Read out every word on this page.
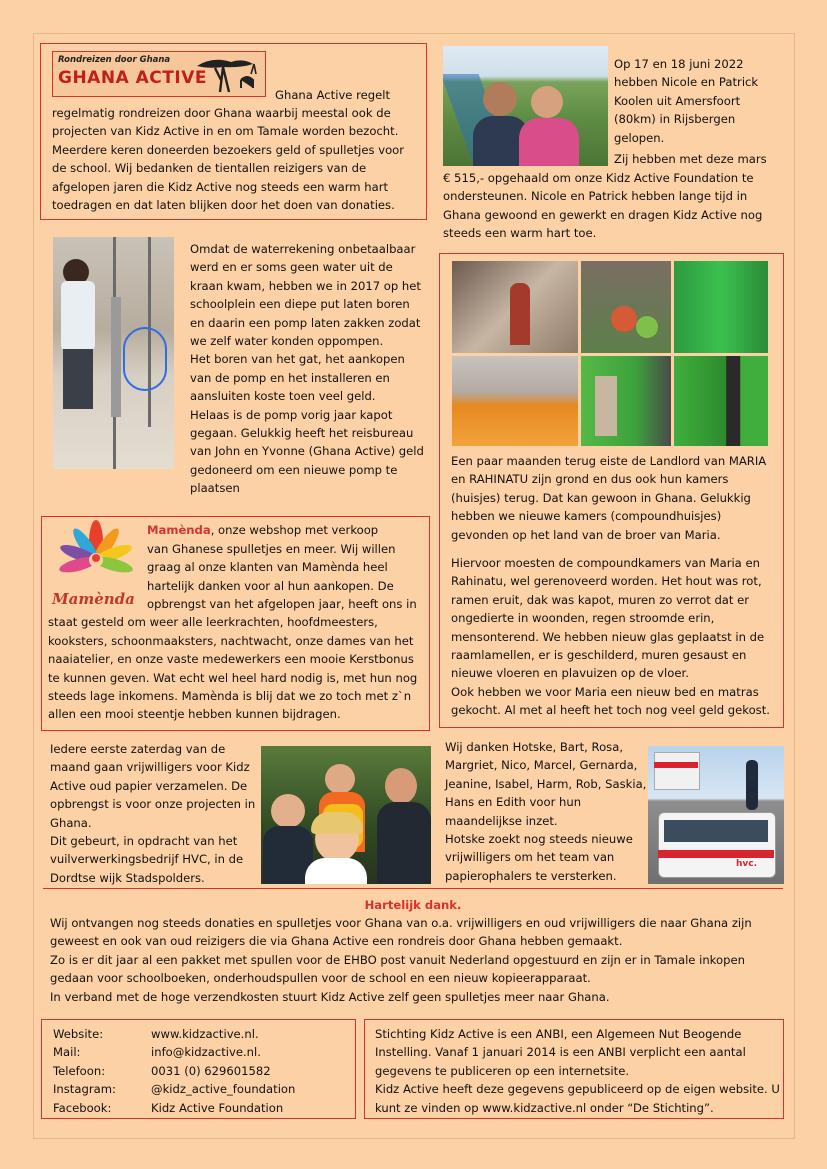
Rondreizen door Ghana
GHANA ACTIVE

Ghana Active regelt

regelmatig rondreizen door Ghana waarbij meestal ook de projecten van Kidz Active in en om Tamale worden bezocht. Meerdere keren doneerden bezoekers geld of spulletjes voor de school. Wij bedanken de tientallen reizigers van de afgelopen jaren die Kidz Active nog steeds een warm hart toedragen en dat laten blijken door het doen van donaties.

Op 17 en 18 juni 2022 hebben Nicole en Patrick Koolen uit Amersfoort (80km) in Rijsbergen gelopen.

Zij hebben met deze mars

€ 515,- opgehaald om onze Kidz Active Foundation te ondersteunen. Nicole en Patrick hebben lange tijd in Ghana gewoond en gewerkt en dragen Kidz Active nog steeds een warm hart toe.

Omdat de waterrekening onbetaalbaar werd en er soms geen water uit de kraan kwam, hebben we in 2017 op het schoolplein een diepe put laten boren en daarin een pomp laten zakken zodat we zelf water konden oppompen.

Het boren van het gat, het aankopen van de pomp en het installeren en aansluiten koste toen veel geld.

Helaas is de pomp vorig jaar kapot gegaan. Gelukkig heeft het reisbureau van John en Yvonne (Ghana Active) geld gedoneerd om een nieuwe pomp te plaatsen

Een paar maanden terug eiste de Landlord van MARIA en RAHINATU zijn grond en dus ook hun kamers (huisjes) terug. Dat kan gewoon in Ghana. Gelukkig hebben we nieuwe kamers (compoundhuisjes) gevonden op het land van de broer van Maria.

Hiervoor moesten de compoundkamers van Maria en Rahinatu, wel gerenoveerd worden. Het hout was rot, ramen eruit, dak was kapot, muren zo verrot dat er ongedierte in woonden, regen stroomde erin, mensonterend. We hebben nieuw glas geplaatst in de raamlamellen, er is geschilderd, muren gesaust en nieuwe vloeren en plavuizen op de vloer.

Ook hebben we voor Maria een nieuw bed en matras gekocht. Al met al heeft het toch nog veel geld gekost.

Mamènda

Mamènda, onze webshop met verkoop

van Ghanese spulletjes en meer. Wij willen graag al onze klanten van Mamènda heel hartelijk danken voor al hun aankopen. De

opbrengst van het afgelopen jaar, heeft ons in staat gesteld om weer alle leerkrachten, hoofdmeesters, kooksters, schoonmaaksters, nachtwacht, onze dames van het naaiatelier, en onze vaste medewerkers een mooie Kerstbonus te kunnen geven. Wat echt wel heel hard nodig is, met hun nog steeds lage inkomens. Mamènda is blij dat we zo toch met z`n allen een mooi steentje hebben kunnen bijdragen.

Iedere eerste zaterdag van de maand gaan vrijwilligers voor Kidz Active oud papier verzamelen. De opbrengst is voor onze projecten in Ghana.

Dit gebeurt, in opdracht van het vuilverwerkingsbedrijf HVC, in de Dordtse wijk Stadspolders.

Wij danken Hotske, Bart, Rosa, Margriet, Nico, Marcel, Gernarda, Jeanine, Isabel, Harm, Rob, Saskia, Hans en Edith voor hun maandelijkse inzet.

Hotske zoekt nog steeds nieuwe vrijwilligers om het team van papierophalers te versterken.

hvc.

Hartelijk dank.

Wij ontvangen nog steeds donaties en spulletjes voor Ghana van o.a. vrijwilligers en oud vrijwilligers die naar Ghana zijn geweest en ook van oud reizigers die via Ghana Active een rondreis door Ghana hebben gemaakt.

Zo is er dit jaar al een pakket met spullen voor de EHBO post vanuit Nederland opgestuurd en zijn er in Tamale inkopen gedaan voor schoolboeken, onderhoudspullen voor de school en een nieuw kopieerapparaat.

In verband met de hoge verzendkosten stuurt Kidz Active zelf geen spulletjes meer naar Ghana.

Website:	www.kidzactive.nl.
Mail:	info@kidzactive.nl.
Telefoon:	0031 (0) 629601582
Instagram:	@kidz_active_foundation
Facebook:	Kidz Active Foundation

Stichting Kidz Active is een ANBI, een Algemeen Nut Beogende Instelling. Vanaf 1 januari 2014 is een ANBI verplicht een aantal gegevens te publiceren op een internetsite.

Kidz Active heeft deze gegevens gepubliceerd op de eigen website. U kunt ze vinden op www.kidzactive.nl onder “De Stichting”.
